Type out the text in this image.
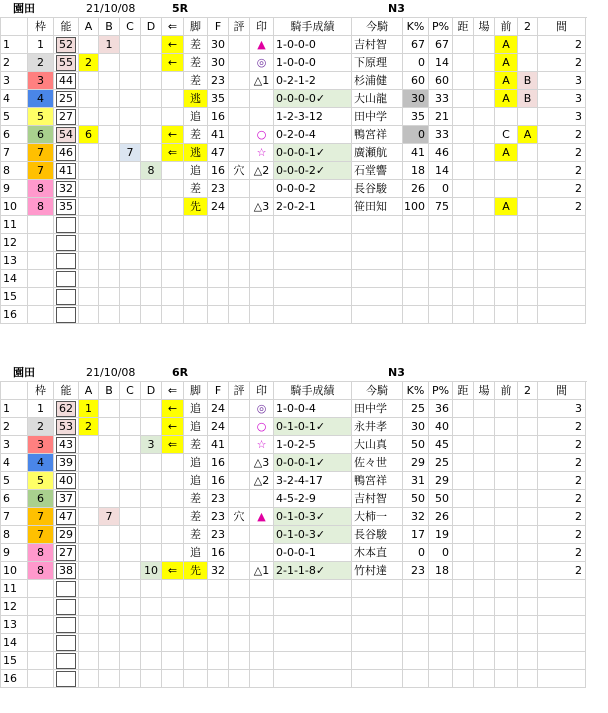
園田	21/10/08	5R	N3
	枠	能	A	B	C	D	⇐	脚	F	評	印	騎手成績	今騎	K%	P%	距	場	前	2	間	
1	1	52		1			←	差	30		▲	1-0-0-0	吉村智	67	67			A		2	
2	2	55	2				←	差	30		◎	1-0-0-0	下原理	0	14			A		2	
3	3	44						差	23		△1	0-2-1-2	杉浦健	60	60			A	B	3	
4	4	25						逃	35			0-0-0-0✓	大山龍	30	33			A	B	3	
5	5	27						追	16			1-2-3-12	田中学	35	21					3	
6	6	54	6				←	差	41		○	0-2-0-4	鴨宮祥	0	33			C	A	2	
7	7	46			7		⇐	逃	47		☆	0-0-0-1✓	廣瀬航	41	46			A		2	
8	7	41				8		追	16	穴	△2	0-0-0-2✓	石堂響	18	14					2	
9	8	32						差	23			0-0-0-2	長谷駿	26	0					2	
10	8	35						先	24		△3	2-0-2-1	笹田知	100	75			A		2	
11																					
12																					
13																					
14																					
15																					
16																					
園田	21/10/08	6R	N3
	枠	能	A	B	C	D	⇐	脚	F	評	印	騎手成績	今騎	K%	P%	距	場	前	2	間	
1	1	62	1				←	追	24		◎	1-0-0-4	田中学	25	36					3	
2	2	53	2				←	追	24		○	0-1-0-1✓	永井孝	30	40					2	
3	3	43				3	⇐	差	41		☆	1-0-2-5	大山真	50	45					2	
4	4	39						追	16		△3	0-0-0-1✓	佐々世	29	25					2	
5	5	40						追	16		△2	3-2-4-17	鴨宮祥	31	29					2	
6	6	37						差	23			4-5-2-9	吉村智	50	50					2	
7	7	47		7				差	23	穴	▲	0-1-0-3✓	大柿一	32	26					2	
8	7	29						差	23			0-1-0-3✓	長谷駿	17	19					2	
9	8	27						追	16			0-0-0-1	木本直	0	0					2	
10	8	38				10	⇐	先	32		△1	2-1-1-8✓	竹村達	23	18					2	
11																					
12																					
13																					
14																					
15																					
16																					
